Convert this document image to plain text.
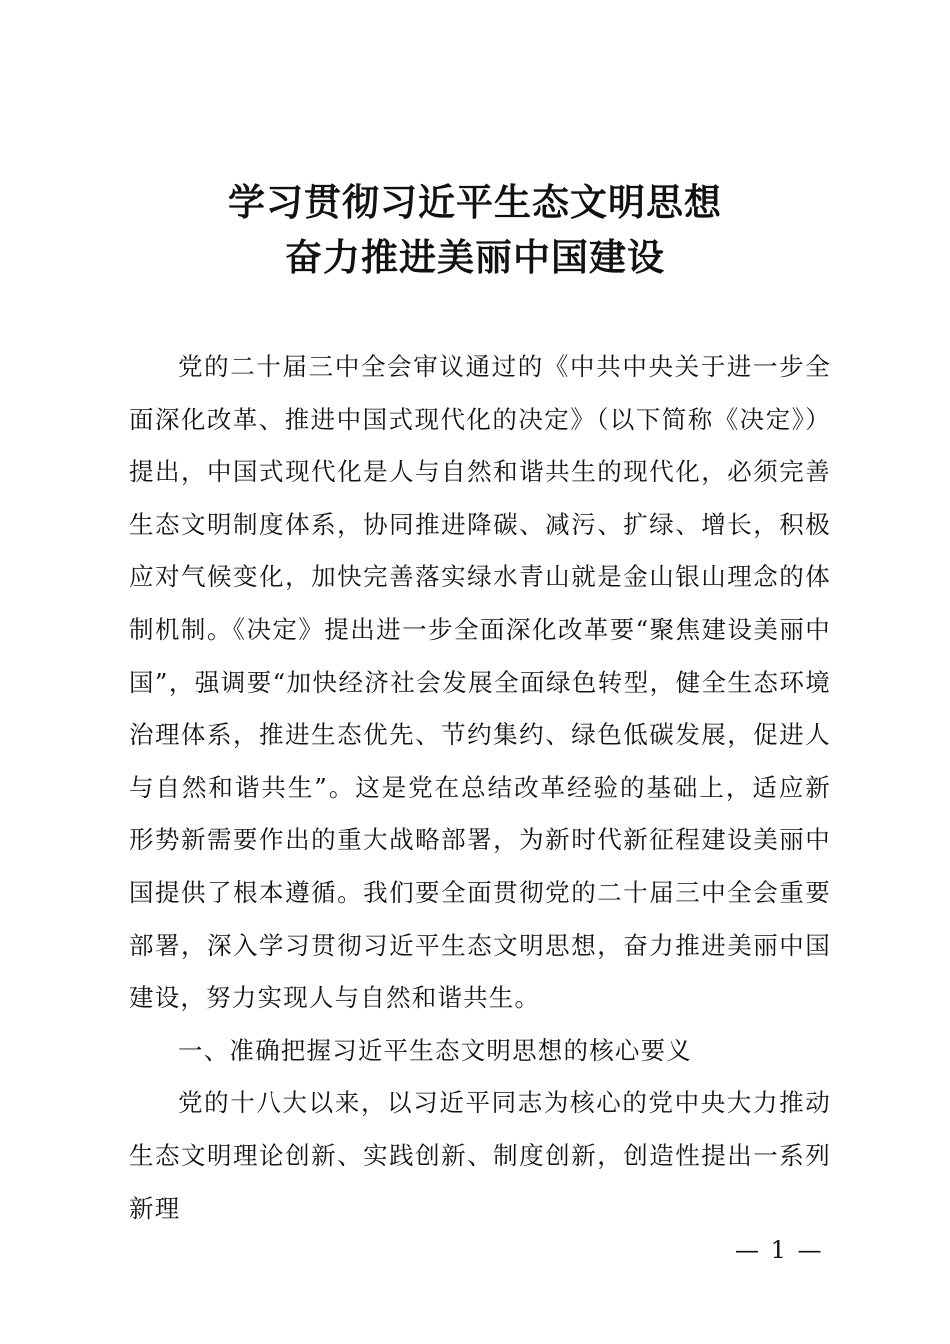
学习贯彻习近平生态文明思想
奋力推进美丽中国建设

党的二十届三中全会审议通过的《中共中央关于进一步全面深化改革、推进中国式现代化的决定》（以下简称《决定》）提出，中国式现代化是人与自然和谐共生的现代化，必须完善生态文明制度体系，协同推进降碳、减污、扩绿、增长，积极应对气候变化，加快完善落实绿水青山就是金山银山理念的体制机制。《决定》提出进一步全面深化改革要“聚焦建设美丽中国”，强调要“加快经济社会发展全面绿色转型，健全生态环境治理体系，推进生态优先、节约集约、绿色低碳发展，促进人与自然和谐共生”。这是党在总结改革经验的基础上，适应新形势新需要作出的重大战略部署，为新时代新征程建设美丽中国提供了根本遵循。我们要全面贯彻党的二十届三中全会重要部署，深入学习贯彻习近平生态文明思想，奋力推进美丽中国建设，努力实现人与自然和谐共生。

一、准确把握习近平生态文明思想的核心要义

党的十八大以来，以习近平同志为核心的党中央大力推动生态文明理论创新、实践创新、制度创新，创造性提出一系列新理

— 1 —
